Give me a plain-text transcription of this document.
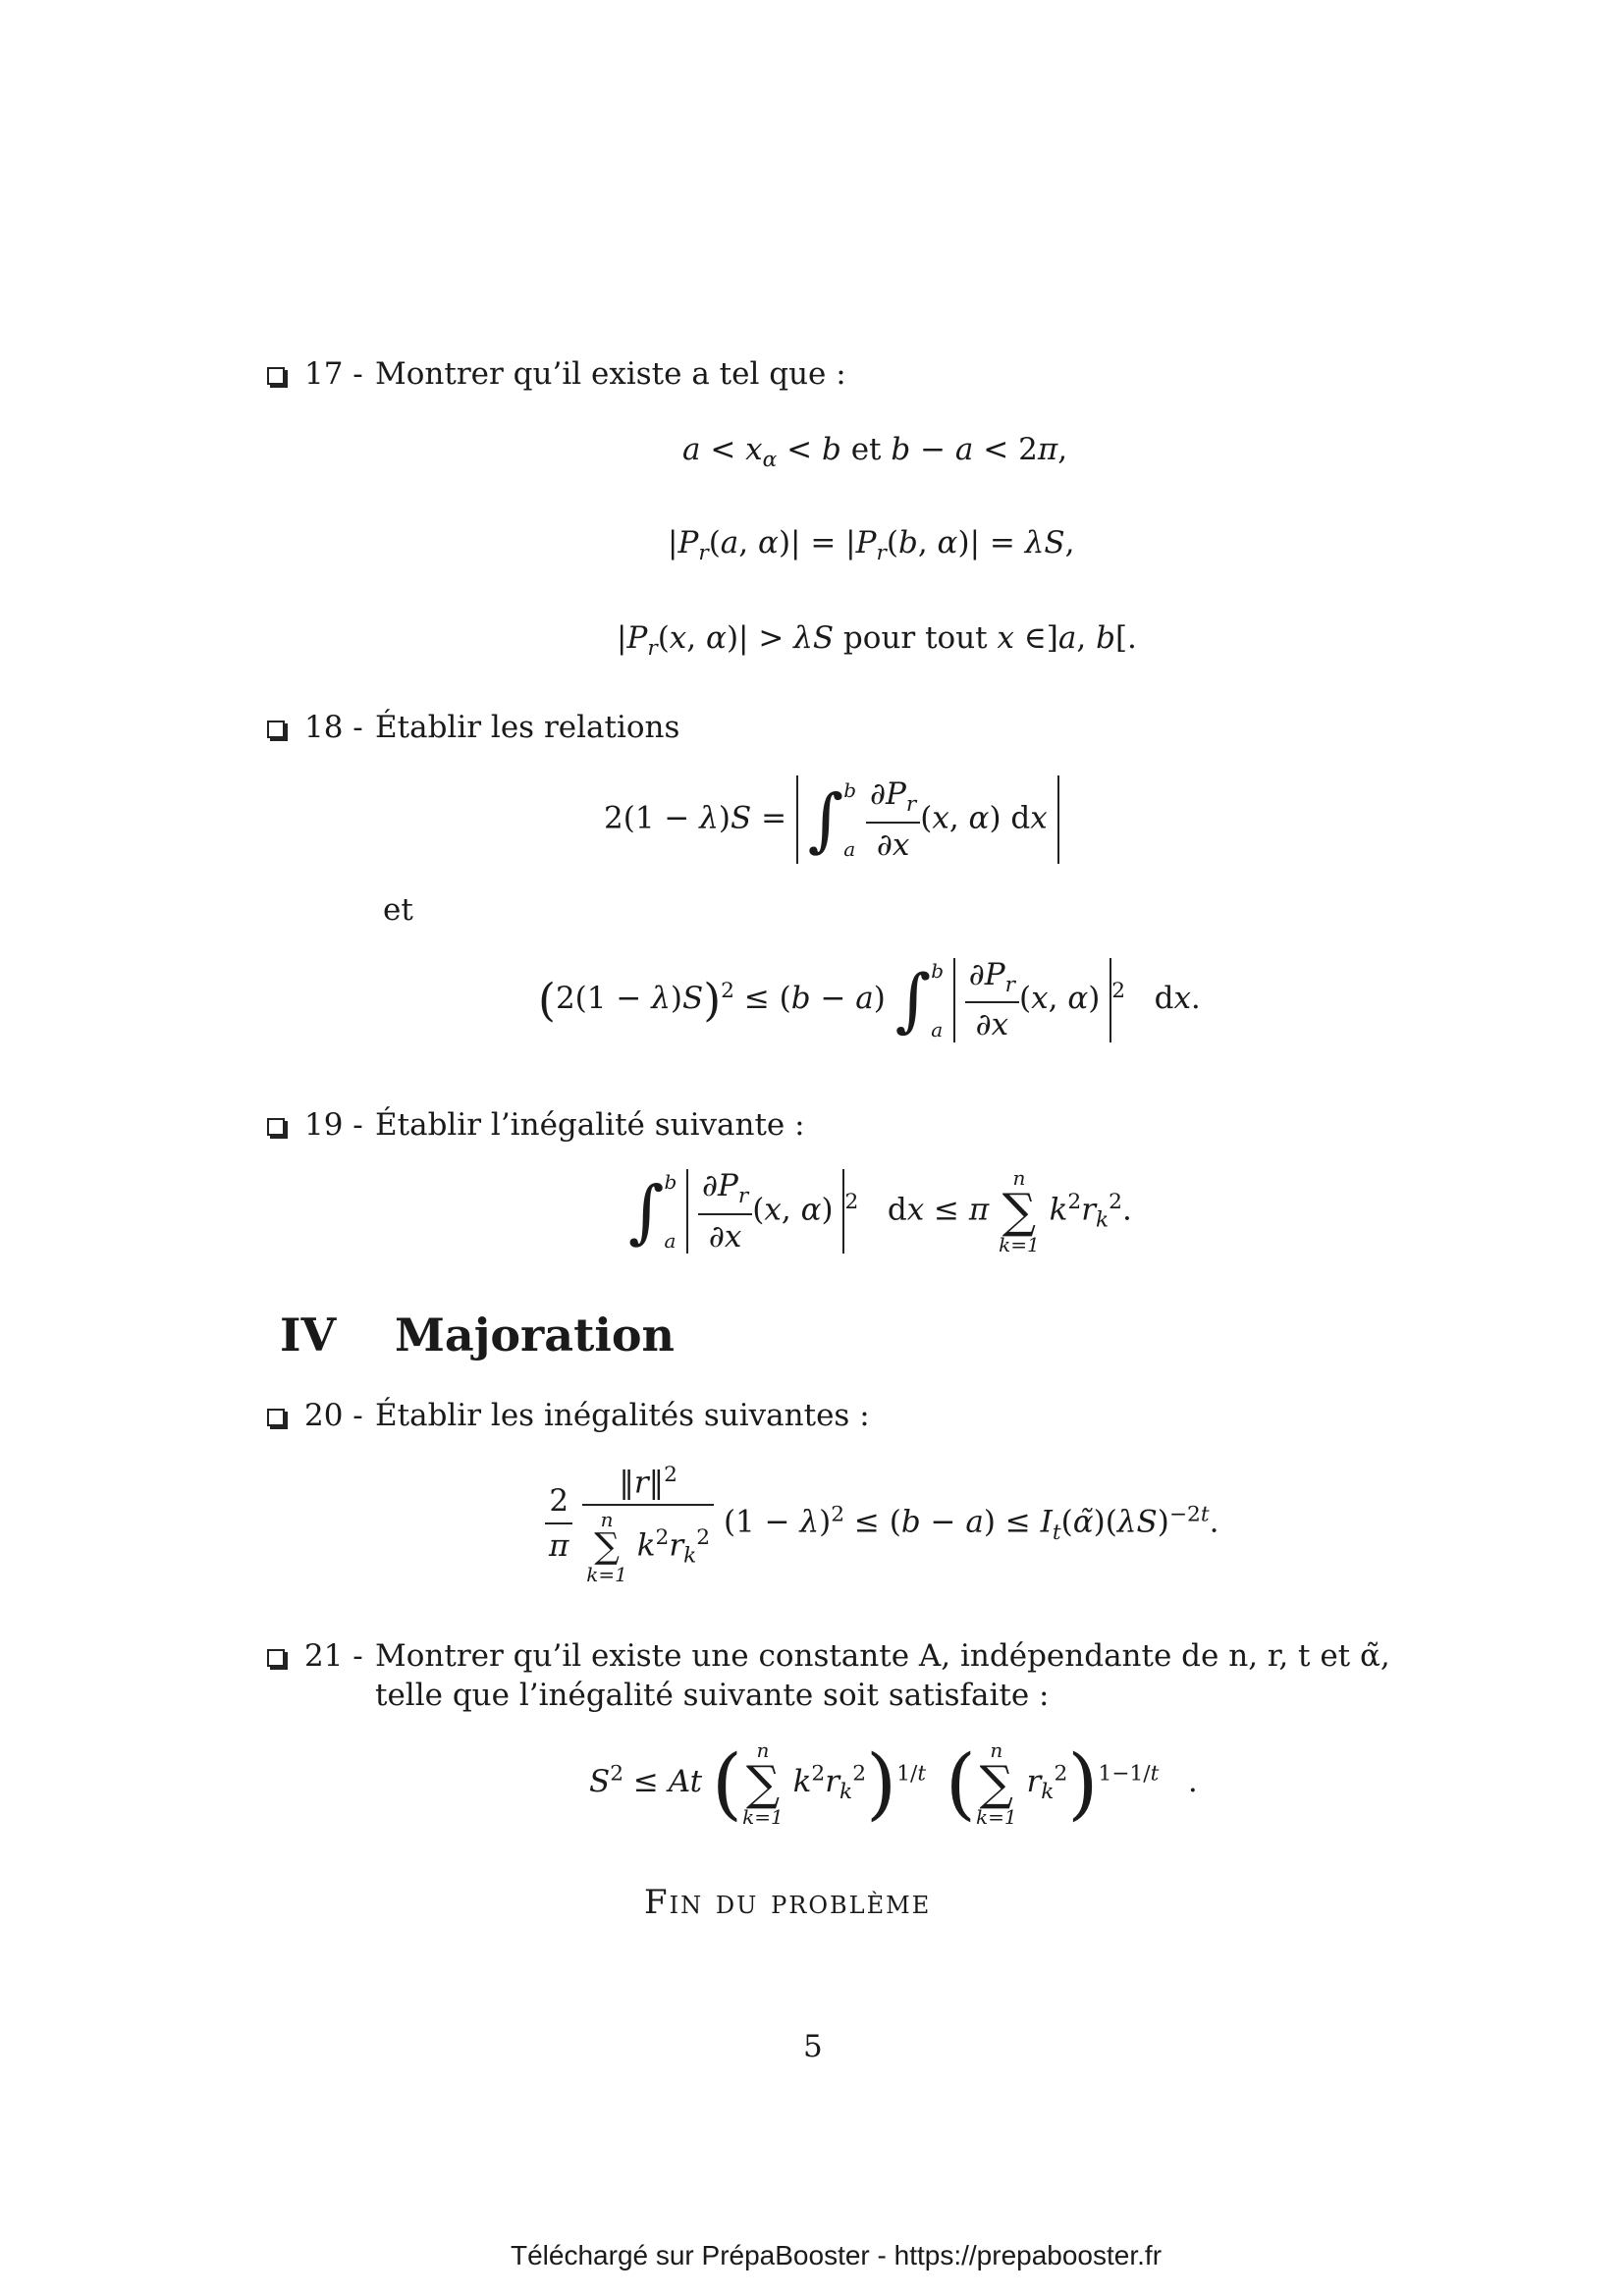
17 - Montrer qu’il existe a tel que :
$a < x_\alpha < b$ et b − a < 2π,
$|P_r(a$, $\alpha)| = |P_r(b$, α)| = λS,
$|P_r(x$, α)| > λS pour tout x ∈]a, b[.
18 - Établir les relations
2(1 − λ)S =  ∫b

a $\frac{\partial P_r}{\partial x} (x$, α) dx
et
$(2(1 - \lambda)S)^2 \le (b - a)$ ∫b

a $\frac{\partial P_r}{\partial x} (x$, α) $^2$   dx.
19 - Établir l’inégalité suivante :
∫b

a $\frac{\partial P_r}{\partial x} (x$, α) $^2$   dx ≤ π
n
∑
k=1
$k^2r_k^2$.
IV Majoration
20 - Établir les inégalités suivantes :
$\frac{2}{\pi}$
‖r‖$^2$
n
∑
k=1
$k^2r_k^2$ $(1 - \lambda)^2 \le (b - a)$ ≤ $I_t(\alphã)(\lambda S)^{-2t}$.
21 - Montrer qu’il existe une constante A, indépendante de n, r, t et α̃,
telle que l’inégalité suivante soit satisfaite :
$S^2 \le At$ ( n
∑
k=1
$k^2r_k^2)^{1/t}$ ( n
∑
k=1
$r_k^2)^{1-1/t}$   .
Fin du problème
5
Téléchargé sur PrépaBooster - https://prepabooster.fr
